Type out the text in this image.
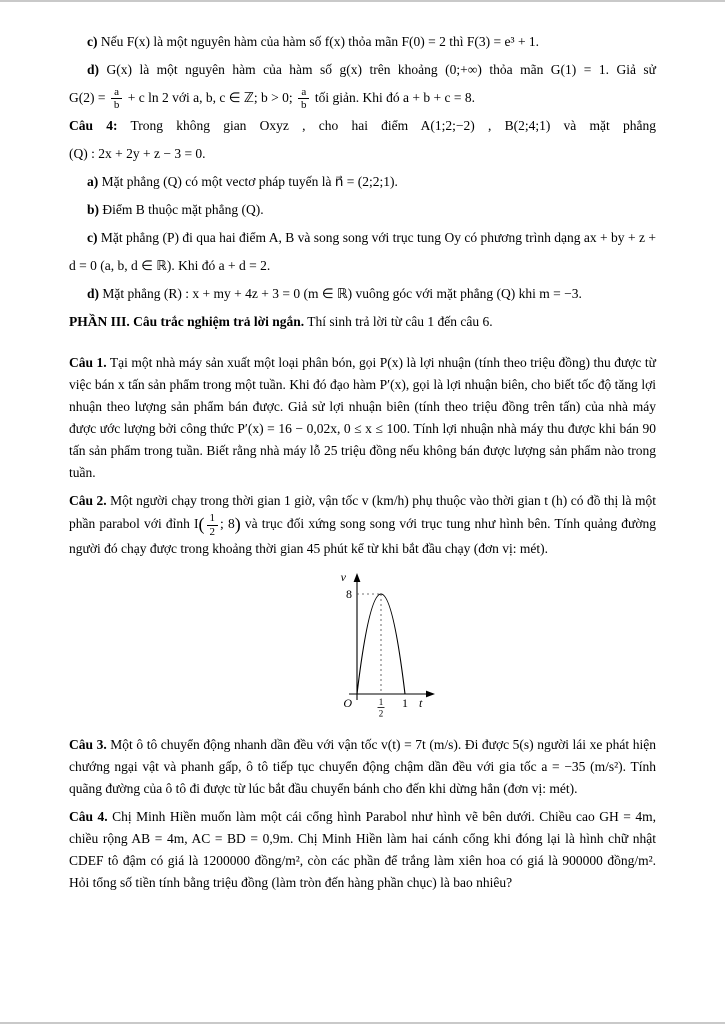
c) Nếu F(x) là một nguyên hàm của hàm số f(x) thỏa mãn F(0) = 2 thì F(3) = e³ + 1.

d) G(x) là một nguyên hàm của hàm số g(x) trên khoảng (0;+∞) thỏa mãn G(1) = 1. Giả sử

$G(2) = \frac{a}{b} + c$ ln 2 với a, b, c ∈ ℤ; b > 0; $\frac{a}{b}$ tối giản. Khi đó a + b + c = 8.

Câu 4: Trong không gian Oxyz , cho hai điểm A(1;2;−2) , B(2;4;1) và mặt phẳng

(Q) : 2x + 2y + z − 3 = 0.

a) Mặt phẳng (Q) có một vectơ pháp tuyến là n⃗ = (2;2;1).

b) Điểm B thuộc mặt phẳng (Q).

c) Mặt phẳng (P) đi qua hai điểm A, B và song song với trục tung Oy có phương trình dạng ax + by + z + d = 0 (a, b, d ∈ ℝ). Khi đó a + d = 2.

d) Mặt phẳng (R) : x + my + 4z + 3 = 0 (m ∈ ℝ) vuông góc với mặt phẳng (Q) khi m = −3.

PHẦN III. Câu trắc nghiệm trả lời ngắn. Thí sinh trả lời từ câu 1 đến câu 6.

Câu 1. Tại một nhà máy sản xuất một loại phân bón, gọi P(x) là lợi nhuận (tính theo triệu đồng) thu được từ việc bán x tấn sản phẩm trong một tuần. Khi đó đạo hàm P′(x), gọi là lợi nhuận biên, cho biết tốc độ tăng lợi nhuận theo lượng sản phẩm bán được. Giả sử lợi nhuận biên (tính theo triệu đồng trên tấn) của nhà máy được ước lượng bởi công thức P′(x) = 16 − 0,02x, 0 ≤ x ≤ 100. Tính lợi nhuận nhà máy thu được khi bán 90 tấn sản phẩm trong tuần. Biết rằng nhà máy lỗ 25 triệu đồng nếu không bán được lượng sản phẩm nào trong tuần.

Câu 2. Một người chạy trong thời gian 1 giờ, vận tốc v (km/h) phụ thuộc vào thời gian t (h) có đồ thị là một phần parabol với đỉnh $I( \frac{1}{2}$ ; 8) và trục đối xứng song song với trục tung như hình bên. Tính quảng đường người đó chạy được trong khoảng thời gian 45 phút kể từ khi bắt đầu chạy (đơn vị: mét).

v
8
O	1
2
1 t

Câu 3. Một ô tô chuyển động nhanh dần đều với vận tốc v(t) = 7t (m/s). Đi được 5(s) người lái xe phát hiện chướng ngại vật và phanh gấp, ô tô tiếp tục chuyển động chậm dần đều với gia tốc a = −35 (m/s²). Tính quãng đường của ô tô đi được từ lúc bắt đầu chuyển bánh cho đến khi dừng hẳn (đơn vị: mét).

Câu 4. Chị Minh Hiền muốn làm một cái cổng hình Parabol như hình vẽ bên dưới. Chiều cao GH = 4m, chiều rộng AB = 4m, AC = BD = 0,9m. Chị Minh Hiền làm hai cánh cổng khi đóng lại là hình chữ nhật CDEF tô đậm có giá là 1200000 đồng/m², còn các phần để trắng làm xiên hoa có giá là 900000 đồng/m². Hỏi tổng số tiền tính bằng triệu đồng (làm tròn đến hàng phần chục) là bao nhiêu?
